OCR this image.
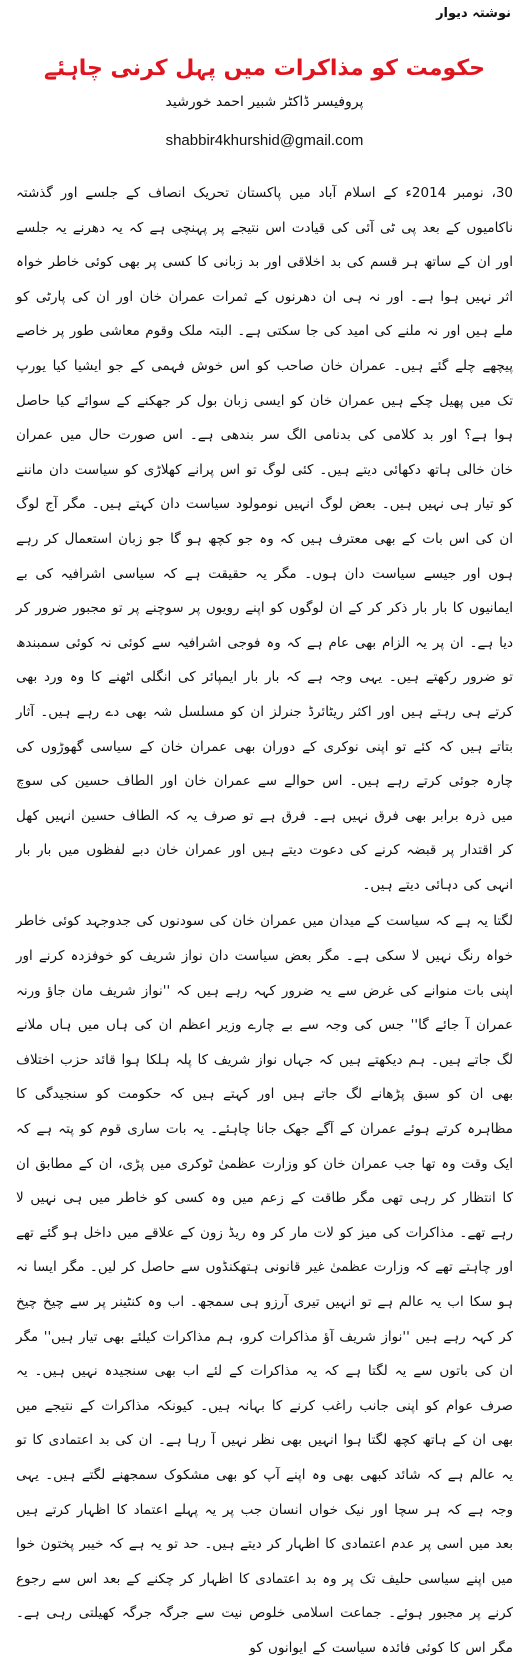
نوشتہ دیوار
حکومت کو مذاکرات میں پہل کرنی چاہئے
پروفیسر ڈاکٹر شبیر احمد خورشید
shabbir4khurshid@gmail.com

30، نومبر 2014ء کے اسلام آباد میں پاکستان تحریک انصاف کے جلسے اور گذشتہ ناکامیوں کے بعد پی ٹی آئی کی قیادت اس نتیجے پر پہنچی ہے کہ یہ دھرنے یہ جلسے اور ان کے ساتھ ہر قسم کی بد اخلاقی اور بد زبانی کا کسی پر بھی کوئی خاطر خواہ اثر نہیں ہوا ہے۔ اور نہ ہی ان دھرنوں کے ثمرات عمران خان اور ان کی پارٹی کو ملے ہیں اور نہ ملنے کی امید کی جا سکتی ہے۔ البتہ ملک وقوم معاشی طور پر خاصے پیچھے چلے گئے ہیں۔ عمران خان صاحب کو اس خوش فہمی کے جو ایشیا کیا یورپ تک میں پھیل چکے ہیں عمران خان کو ایسی زبان بول کر جھکنے کے سوائے کیا حاصل ہوا ہے؟ اور بد کلامی کی بدنامی الگ سر بندھی ہے۔ اس صورت حال میں عمران خان خالی ہاتھ دکھائی دیتے ہیں۔ کئی لوگ تو اس پرانے کھلاڑی کو سیاست دان ماننے کو تیار ہی نہیں ہیں۔ بعض لوگ انہیں نومولود سیاست دان کہتے ہیں۔ مگر آج لوگ ان کی اس بات کے بھی معترف ہیں کہ وہ جو کچھ ہو گا جو زبان استعمال کر رہے ہوں اور جیسے سیاست دان ہوں۔ مگر یہ حقیقت ہے کہ سیاسی اشرافیہ کی بے ایمانیوں کا بار بار ذکر کر کے ان لوگوں کو اپنے رویوں پر سوچنے پر تو مجبور ضرور کر دیا ہے۔ ان پر یہ الزام بھی عام ہے کہ وہ فوجی اشرافیہ سے کوئی نہ کوئی سمبندھ تو ضرور رکھتے ہیں۔ یہی وجہ ہے کہ بار بار ایمپائر کی انگلی اٹھنے کا وہ ورد بھی کرتے ہی رہتے ہیں اور اکثر ریٹائرڈ جنرلز ان کو مسلسل شہ بھی دے رہے ہیں۔ آثار بتاتے ہیں کہ کئے تو اپنی نوکری کے دوران بھی عمران خان کے سیاسی گھوڑوں کی چارہ جوئی کرتے رہے ہیں۔ اس حوالے سے عمران خان اور الطاف حسین کی سوچ میں ذرہ برابر بھی فرق نہیں ہے۔ فرق ہے تو صرف یہ کہ الطاف حسین انہیں کھل کر اقتدار پر قبضہ کرنے کی دعوت دیتے ہیں اور عمران خان دبے لفظوں میں بار بار انہی کی دہائی دیتے ہیں۔

لگتا یہ ہے کہ سیاست کے میدان میں عمران خان کی سودنوں کی جدوجہد کوئی خاطر خواہ رنگ نہیں لا سکی ہے۔ مگر بعض سیاست دان نواز شریف کو خوفزدہ کرنے اور اپنی بات منوانے کی غرض سے یہ ضرور کہہ رہے ہیں کہ ''نواز شریف مان جاؤ ورنہ عمران آ جائے گا'' جس کی وجہ سے بے چارے وزیر اعظم ان کی ہاں میں ہاں ملانے لگ جاتے ہیں۔ ہم دیکھتے ہیں کہ جہاں نواز شریف کا پلہ ہلکا ہوا قائد حزب اختلاف بھی ان کو سبق پڑھانے لگ جاتے ہیں اور کہتے ہیں کہ حکومت کو سنجیدگی کا مظاہرہ کرتے ہوئے عمران کے آگے جھک جانا چاہئے۔ یہ بات ساری قوم کو پتہ ہے کہ ایک وقت وہ تھا جب عمران خان کو وزارت عظمیٰ ٹوکری میں پڑی، ان کے مطابق ان کا انتظار کر رہی تھی مگر طاقت کے زعم میں وہ کسی کو خاطر میں ہی نہیں لا رہے تھے۔ مذاکرات کی میز کو لات مار کر وہ ریڈ زون کے علاقے میں داخل ہو گئے تھے اور چاہتے تھے کہ وزارت عظمیٰ غیر قانونی ہتھکنڈوں سے حاصل کر لیں۔ مگر ایسا نہ ہو سکا اب یہ عالم ہے تو انہیں تیری آرزو ہی سمجھ۔ اب وہ کنٹینر پر سے چیخ چیخ کر کہہ رہے ہیں ''نواز شریف آؤ مذاکرات کرو، ہم مذاکرات کیلئے بھی تیار ہیں'' مگر ان کی باتوں سے یہ لگتا ہے کہ یہ مذاکرات کے لئے اب بھی سنجیدہ نہیں ہیں۔ یہ صرف عوام کو اپنی جانب راغب کرنے کا بہانہ ہیں۔ کیونکہ مذاکرات کے نتیجے میں بھی ان کے ہاتھ کچھ لگتا ہوا انہیں بھی نظر نہیں آ رہا ہے۔ ان کی بد اعتمادی کا تو یہ عالم ہے کہ شائد کبھی بھی وہ اپنے آپ کو بھی مشکوک سمجھنے لگتے ہیں۔ یہی وجہ ہے کہ ہر سچا اور نیک خواں انسان جب پر یہ پہلے اعتماد کا اظہار کرتے ہیں بعد میں اسی پر عدم اعتمادی کا اظہار کر دیتے ہیں۔ حد تو یہ ہے کہ خیبر پختون خوا میں اپنے سیاسی حلیف تک پر وہ بد اعتمادی کا اظہار کر چکنے کے بعد اس سے رجوع کرنے پر مجبور ہوئے۔ جماعت اسلامی خلوص نیت سے جرگہ جرگہ کھیلتی رہی ہے۔ مگر اس کا کوئی فائدہ سیاست کے ایوانوں کو
